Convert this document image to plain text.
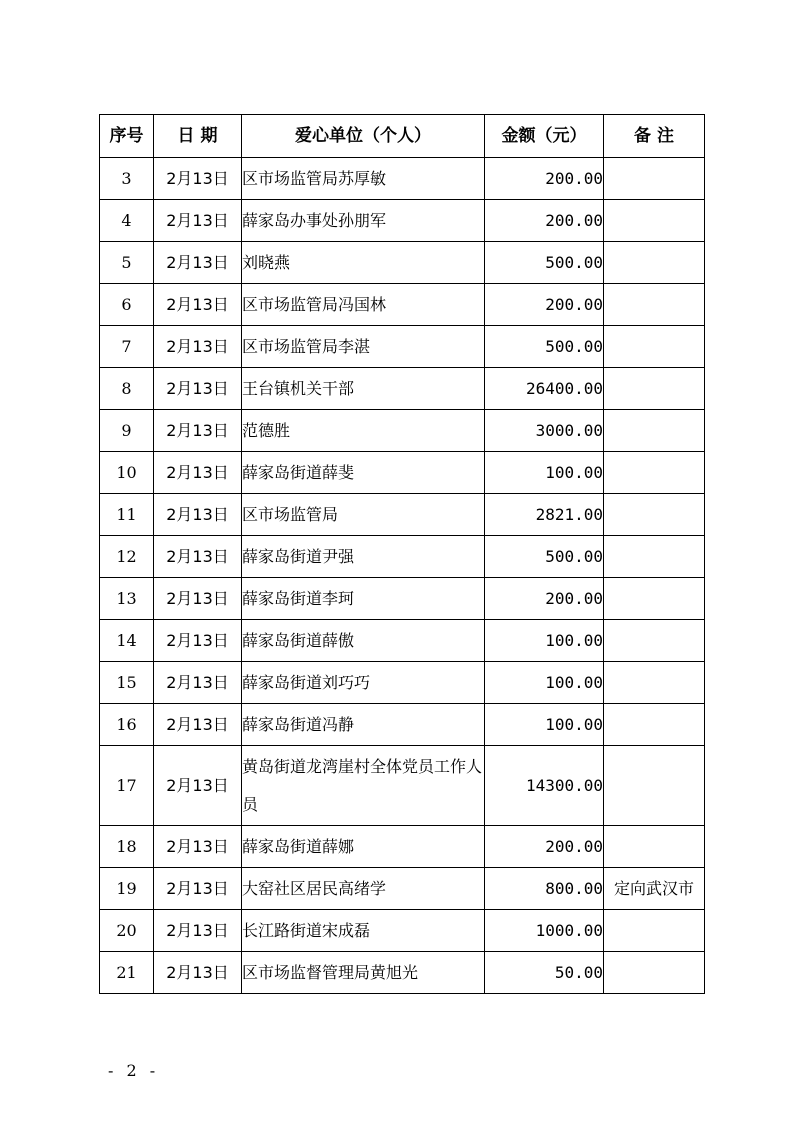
序号	日 期	爱心单位（个人）	金额（元）	备 注
3	2月13日	区市场监管局苏厚敏	200.00	
4	2月13日	薛家岛办事处孙朋军	200.00	
5	2月13日	刘晓燕	500.00	
6	2月13日	区市场监管局冯国林	200.00	
7	2月13日	区市场监管局李湛	500.00	
8	2月13日	王台镇机关干部	26400.00	
9	2月13日	范德胜	3000.00	
10	2月13日	薛家岛街道薛斐	100.00	
11	2月13日	区市场监管局	2821.00	
12	2月13日	薛家岛街道尹强	500.00	
13	2月13日	薛家岛街道李珂	200.00	
14	2月13日	薛家岛街道薛傲	100.00	
15	2月13日	薛家岛街道刘巧巧	100.00	
16	2月13日	薛家岛街道冯静	100.00	
17	2月13日	黄岛街道龙湾崖村全体党员工作人员	14300.00	
18	2月13日	薛家岛街道薛娜	200.00	
19	2月13日	大窑社区居民高绪学	800.00	定向武汉市
20	2月13日	长江路街道宋成磊	1000.00	
21	2月13日	区市场监督管理局黄旭光	50.00	
- 2 -
